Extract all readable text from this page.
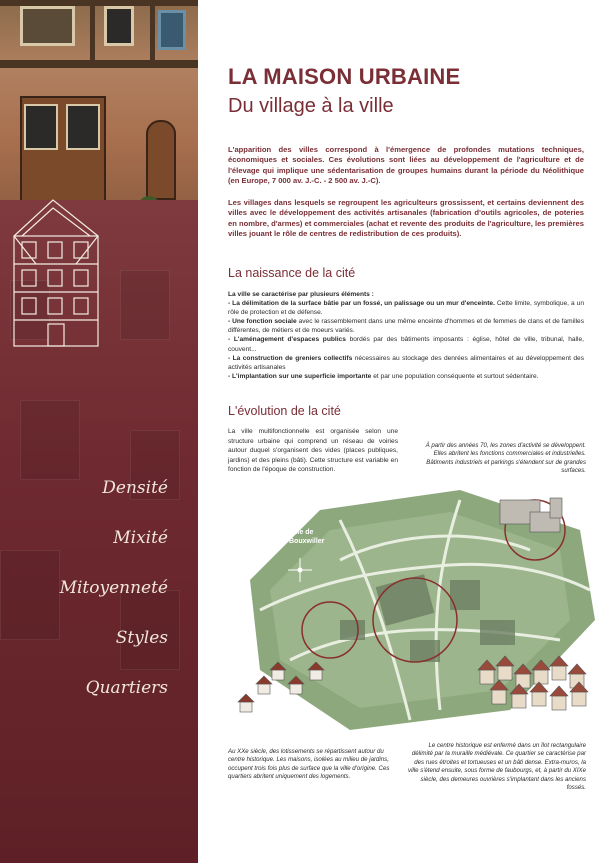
Densité
Mixité
Mitoyenneté
Styles
Quartiers
LA MAISON URBAINE
Du village à la ville

L'apparition des villes correspond à l'émergence de profondes mutations techniques, économiques et sociales. Ces évolutions sont liées au développement de l'agriculture et de l'élevage qui implique une sédentarisation de groupes humains durant la période du Néolithique (en Europe, 7 000 av. J.-C. - 2 500 av. J.-C).

Les villages dans lesquels se regroupent les agriculteurs grossissent, et certains deviennent des villes avec le développement des activités artisanales (fabrication d'outils agricoles, de poteries en nombre, d'armes) et commerciales (achat et revente des produits de l'agriculture, les premières villes jouant le rôle de centres de redistribution de ces produits).

La naissance de la cité
La ville se caractérise par plusieurs éléments :
- La délimitation de la surface bâtie par un fossé, un palissage ou un mur d'enceinte. Cette limite, symbolique, a un rôle de protection et de défense.
- Une fonction sociale avec le rassemblement dans une même enceinte d'hommes et de femmes de clans et de familles différentes, de métiers et de moeurs variés.
- L'aménagement d'espaces publics bordés par des bâtiments imposants : église, hôtel de ville, tribunal, halle, couvent...
- La construction de greniers collectifs nécessaires au stockage des denrées alimentaires et au développement des activités artisanales
- L'implantation sur une superficie importante et par une population conséquente et surtout sédentaire.
L'évolution de la cité

La ville multifonctionnelle est organisée selon une structure urbaine qui comprend un réseau de voiries autour duquel s'organisent des vides (places publiques, jardins) et des pleins (bâti). Cette structure est variable en fonction de l'époque de construction.

À partir des années 70, les zones d'activité se développent. Elles abritent les fonctions commerciales et industrielles. Bâtiments industriels et parkings s'étendent sur de grandes surfaces.

Ville de
Bouxwiller

Au XXe siècle, des lotissements se répartissent autour du centre historique. Les maisons, isolées au milieu de jardins, occupent trois fois plus de surface que la ville d'origine. Ces quartiers abritent uniquement des logements.

Le centre historique est enfermé dans un îlot rectangulaire délimité par la muraille médiévale. Ce quartier se caractérise par des rues étroites et tortueuses et un bâti dense. Extra-muros, la ville s'étend ensuite, sous forme de faubourgs, et, à partir du XIXe siècle, des demeures ouvrières s'implantant dans les anciens fossés.
